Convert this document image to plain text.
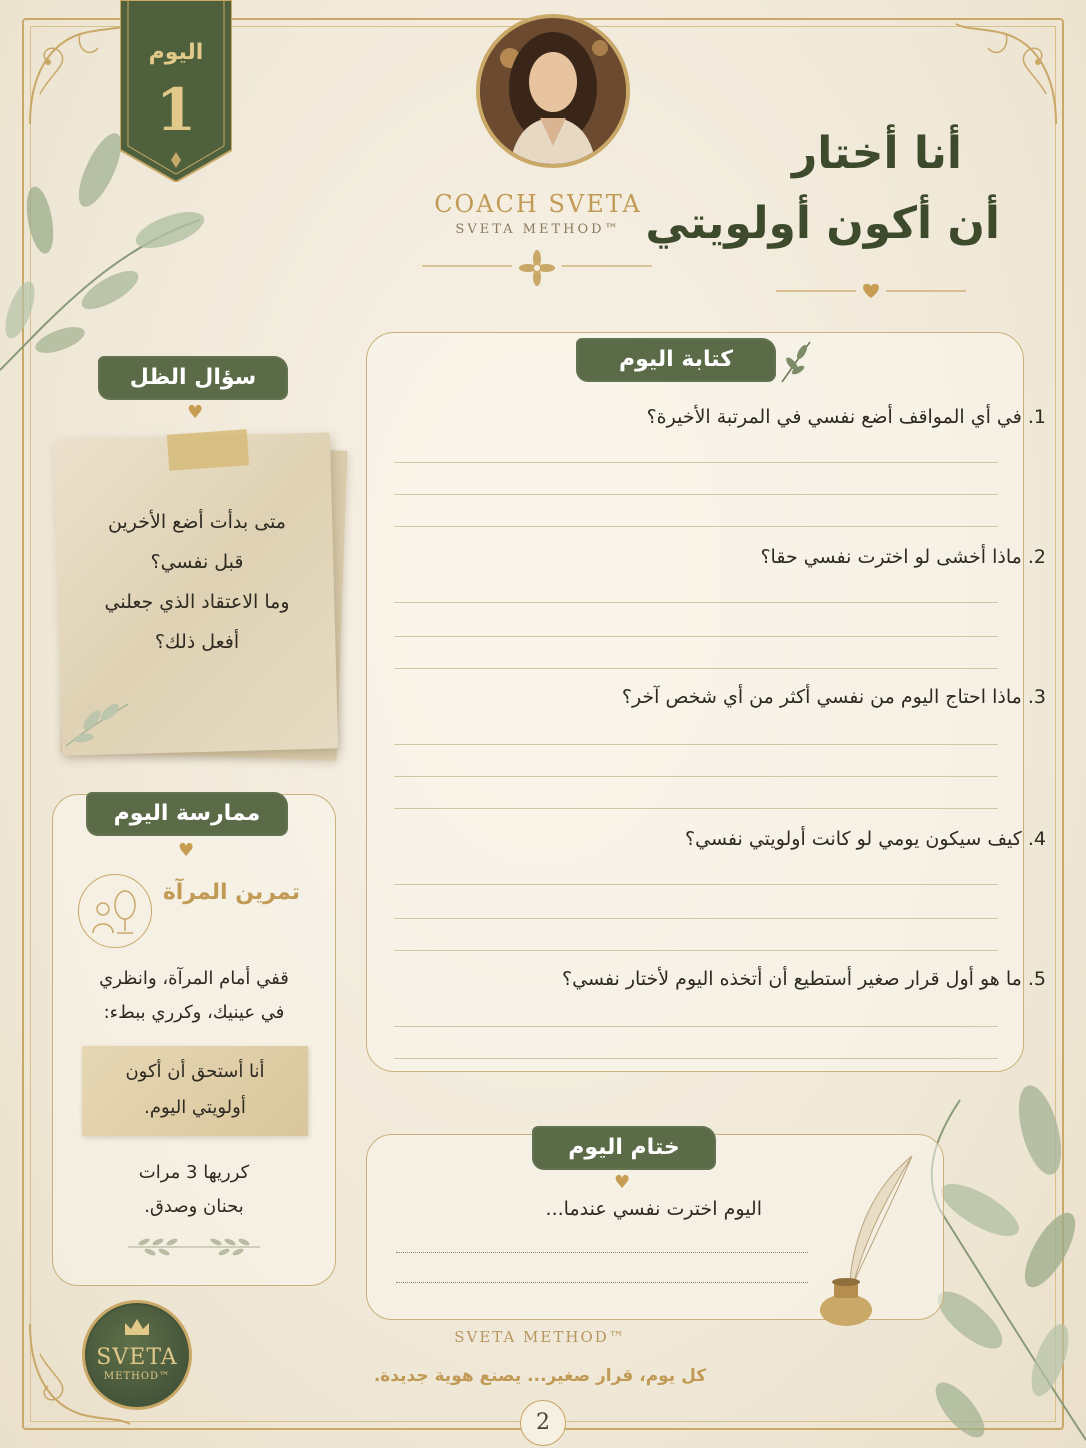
اليوم
1
COACH SVETA
SVETA METHOD™
أنا أختار
أن أكون أولويتي
سؤال الظل
♥
متى بدأت أضع الأخرين
قبل نفسي؟
وما الاعتقاد الذي جعلني
أفعل ذلك؟
كتابة اليوم
1. في أي المواقف أضع نفسي في المرتبة الأخيرة؟
2. ماذا أخشى لو اخترت نفسي حقا؟
3. ماذا احتاج اليوم من نفسي أكثر من أي شخص آخر؟
4. كيف سيكون يومي لو كانت أولويتي نفسي؟
5. ما هو أول قرار صغير أستطيع أن أتخذه اليوم لأختار نفسي؟
ممارسة اليوم
♥
تمرين المرآة
قفي أمام المرآة، وانظري
في عينيك، وكرري ببطء:
أنا أستحق أن أكون
أولويتي اليوم.
كرريها 3 مرات
بحنان وصدق.
ختام اليوم
♥
اليوم اخترت نفسي عندما...
SVETA METHOD™
كل يوم، قرار صغير... يصنع هوية جديدة.
2
SVETA
METHOD™
